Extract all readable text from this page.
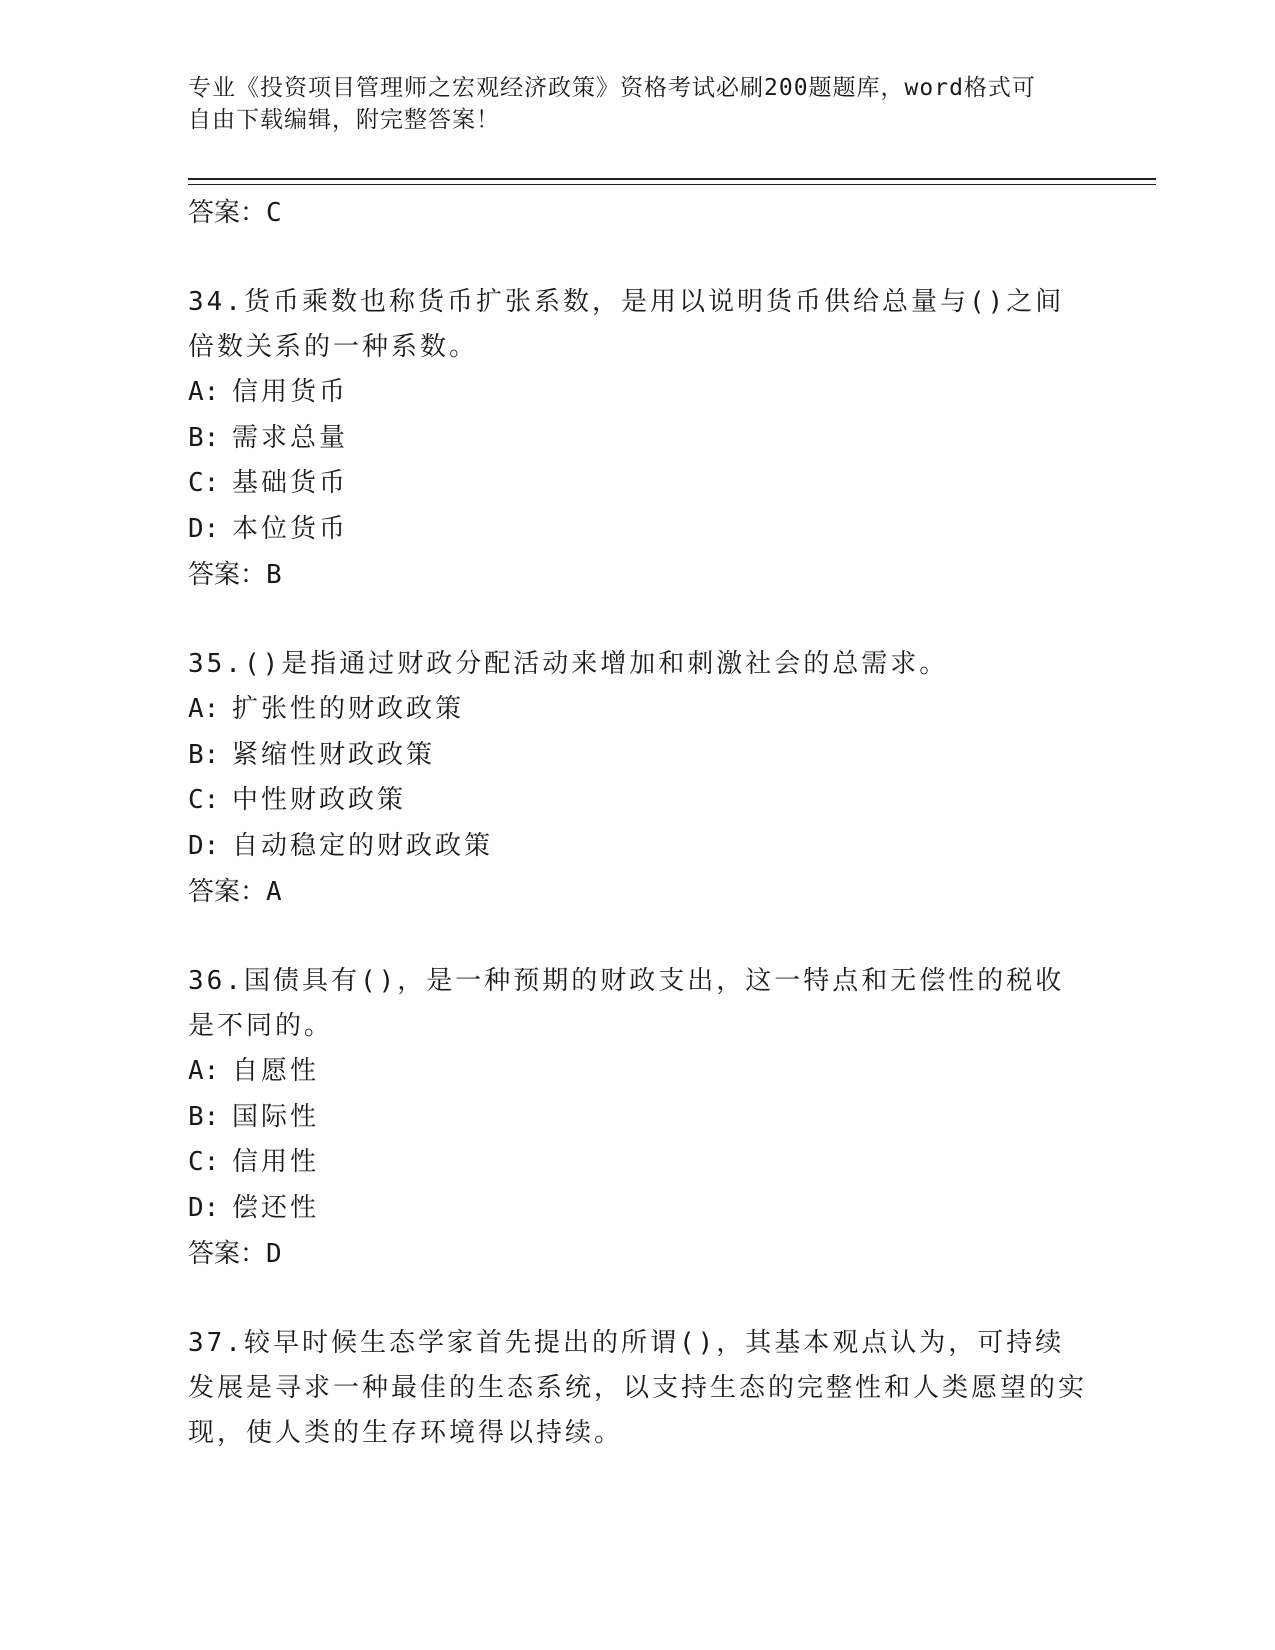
专业《投资项目管理师之宏观经济政策》资格考试必刷200题题库，word格式可
自由下载编辑，附完整答案！

答案：C

34.货币乘数也称货币扩张系数，是用以说明货币供给总量与()之间倍数关系的一种系数。

A: 信用货币

B: 需求总量

C: 基础货币

D: 本位货币

答案：B

35.()是指通过财政分配活动来增加和刺激社会的总需求。

A: 扩张性的财政政策

B: 紧缩性财政政策

C: 中性财政政策

D: 自动稳定的财政政策

答案：A

36.国债具有()，是一种预期的财政支出，这一特点和无偿性的税收是不同的。

A: 自愿性

B: 国际性

C: 信用性

D: 偿还性

答案：D

37.较早时候生态学家首先提出的所谓()，其基本观点认为，可持续发展是寻求一种最佳的生态系统，以支持生态的完整性和人类愿望的实现，使人类的生存环境得以持续。
